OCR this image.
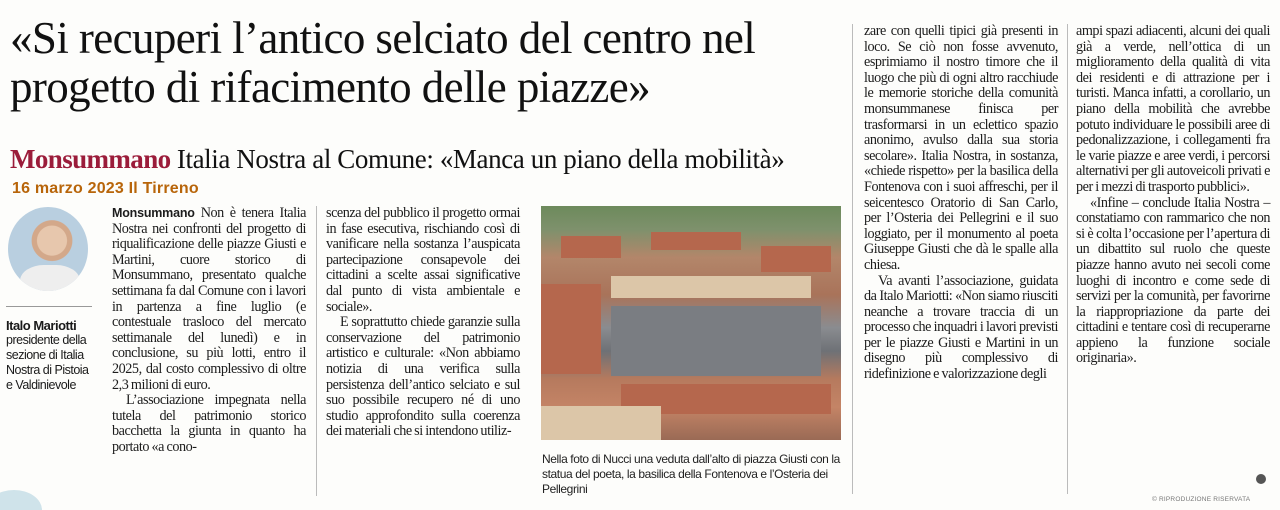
«Si recuperi l’antico selciato del centro nel progetto di rifacimento delle piazze»
Monsummano Italia Nostra al Comune: «Manca un piano della mobilità»
16 marzo 2023 Il Tirreno
Italo Mariotti
presidente della sezione di Italia Nostra di Pistoia e Valdinievole

Monsummano Non è tenera Italia Nostra nei confronti del progetto di riqualificazione delle piazze Giusti e Martini, cuore storico di Monsummano, presentato qualche settimana fa dal Comune con i lavori in partenza a fine luglio (e contestuale trasloco del mercato settimanale del lunedì) e in conclusione, su più lotti, entro il 2025, dal costo complessivo di oltre 2,3 milioni di euro.

L’associazione impegnata nella tutela del patrimonio storico bacchetta la giunta in quanto ha portato «a cono-

scenza del pubblico il progetto ormai in fase esecutiva, rischiando così di vanificare nella sostanza l’auspicata partecipazione consapevole dei cittadini a scelte assai significative dal punto di vista ambientale e sociale».

E soprattutto chiede garanzie sulla conservazione del patrimonio artistico e culturale: «Non abbiamo notizia di una verifica sulla persistenza dell’antico selciato e sul suo possibile recupero né di uno studio approfondito sulla coerenza dei materiali che si intendono utiliz-

Nella foto di Nucci una veduta dall’alto di piazza Giusti con la statua del poeta, la basilica della Fontenova e l’Osteria dei Pellegrini

zare con quelli tipici già presenti in loco. Se ciò non fosse avvenuto, esprimiamo il nostro timore che il luogo che più di ogni altro racchiude le memorie storiche della comunità monsummanese finisca per trasformarsi in un eclettico spazio anonimo, avulso dalla sua storia secolare». Italia Nostra, in sostanza, «chiede rispetto» per la basilica della Fontenova con i suoi affreschi, per il seicentesco Oratorio di San Carlo, per l’Osteria dei Pellegrini e il suo loggiato, per il monumento al poeta Giuseppe Giusti che dà le spalle alla chiesa.

Va avanti l’associazione, guidata da Italo Mariotti: «Non siamo riusciti neanche a trovare traccia di un processo che inquadri i lavori previsti per le piazze Giusti e Martini in un disegno più complessivo di ridefinizione e valorizzazione degli

ampi spazi adiacenti, alcuni dei quali già a verde, nell’ottica di un miglioramento della qualità di vita dei residenti e di attrazione per i turisti. Manca infatti, a corollario, un piano della mobilità che avrebbe potuto individuare le possibili aree di pedonalizzazione, i collegamenti fra le varie piazze e aree verdi, i percorsi alternativi per gli autoveicoli privati e per i mezzi di trasporto pubblici».

«Infine – conclude Italia Nostra – constatiamo con rammarico che non si è colta l’occasione per l’apertura di un dibattito sul ruolo che queste piazze hanno avuto nei secoli come luoghi di incontro e come sede di servizi per la comunità, per favorirne la riappropriazione da parte dei cittadini e tentare così di recuperarne appieno la funzione sociale originaria».

© RIPRODUZIONE RISERVATA
